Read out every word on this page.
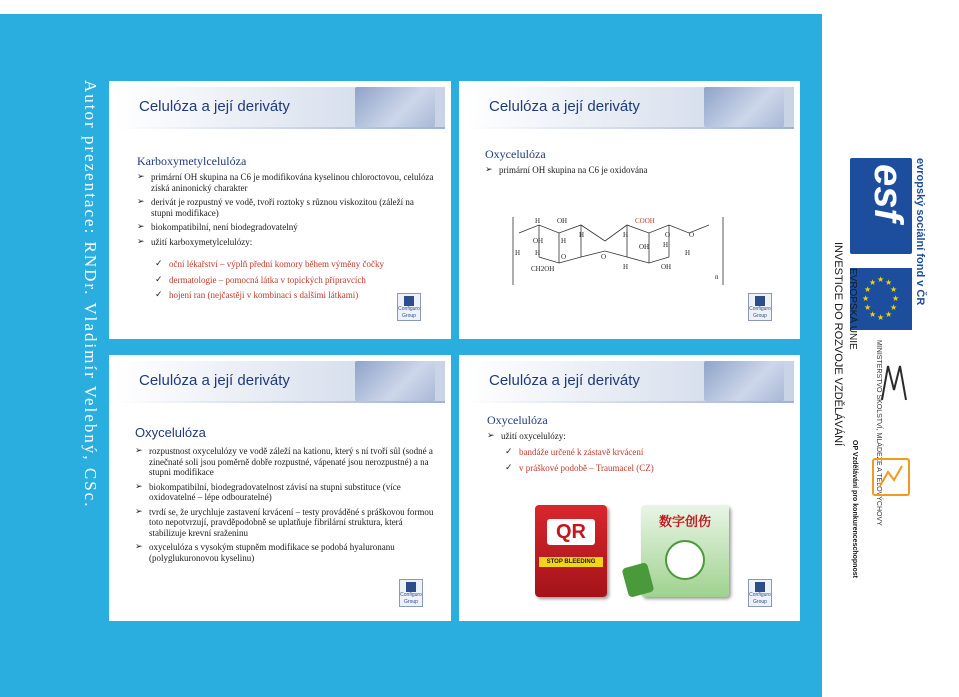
Autor prezentace: RNDr. Vladimír Velebný, CSc.	Celulóza a její deriváty
Karboxymetylcelulóza
➢ primární OH skupina na C6 je modifikována kyselinou chloroctovou, celulóza získá aninonický charakter
➢ derivát je rozpustný ve vodě, tvoří roztoky s různou viskozitou (záleží na stupni modifikace)
➢ biokompatibilní, není biodegradovatelný
➢ užití karboxymetylcelulózy:
✓ oční lékařství – výplň přední komory během výměny čočky
✓ dermatologie – pomocná látka v topických přípravcích
✓ hojení ran (nejčastěji v kombinaci s dalšími látkami)
Configuro Group
Celulóza a její deriváty
Oxycelulóza
➢ primární OH skupina na C6 je oxidována
H OH
OH	H
H
H H	O
CH2OH
O
COOH
O	O
H
H
OH
H
H	OH
n
Configuro Group
Celulóza a její deriváty
Oxycelulóza
➢ rozpustnost oxycelulózy ve vodě záleží na kationu, který s ní tvoří sůl (sodné a zinečnaté soli jsou poměrně dobře rozpustné, vápenaté jsou nerozpustné) a na stupni modifikace
➢ biokompatibilní, biodegradovatelnost závisí na stupni substituce (více oxidovatelné – lépe odbouratelné)
➢ tvrdí se, že urychluje zastavení krvácení – testy prováděné s práškovou formou toto nepotvrzují, pravděpodobně se uplatňuje fibrilární struktura, která stabilizuje krevní sraženinu
➢ oxycelulóza s vysokým stupněm modifikace se podobá hyaluronanu (polyglukuronovou kyselinu)
Configuro Group
Celulóza a její deriváty
Oxycelulóza
➢ užití oxycelulózy:
✓ bandáže určené k zástavě krvácení
✓ v práškové podobě – Traumacel (CZ)
QR
STOP BLEEDING
数字创伤
Configuro Group
esf evropský sociální fond v ČR
★ ★
★
★
★
★
★
★
★
★
★
★
EVROPSKÁ UNIE
INVESTICE DO ROZVOJE VZDĚLÁVÁNÍ	MINISTERSTVO ŠKOLSTVÍ, MLÁDEŽE A TĚLOVÝCHOVY
OP Vzdělávání pro konkurenceschopnost
